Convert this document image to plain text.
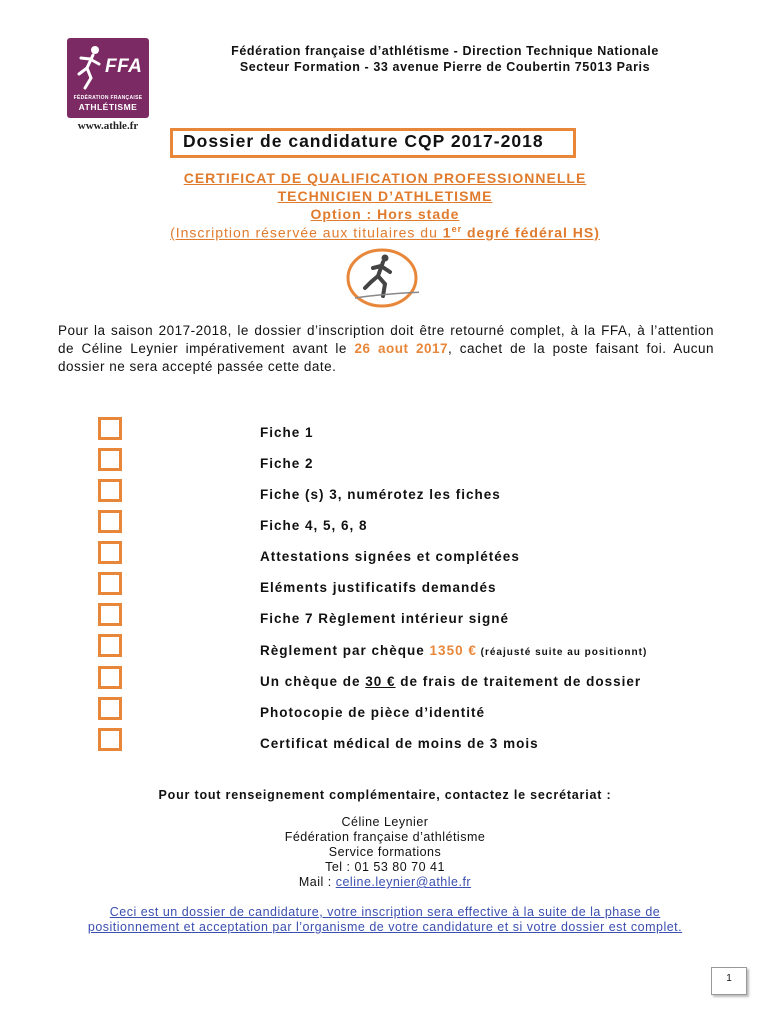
FFA
FÉDÉRATION FRANÇAISE
ATHLÉTISME
www.athle.fr
Fédération française d’athlétisme - Direction Technique Nationale
Secteur Formation - 33 avenue Pierre de Coubertin 75013 Paris
Dossier de candidature CQP 2017-2018
CERTIFICAT DE QUALIFICATION PROFESSIONNELLE
TECHNICIEN D’ATHLETISME
Option : Hors stade
(Inscription réservée aux titulaires du 1er degré fédéral HS)
Pour la saison 2017-2018, le dossier d’inscription doit être retourné complet, à la FFA, à l’attention de Céline Leynier impérativement avant le 26 aout 2017, cachet de la poste faisant foi. Aucun dossier ne sera accepté passée cette date.
Fiche 1
Fiche 2
Fiche (s) 3, numérotez les fiches
Fiche 4, 5, 6, 8
Attestations signées et complétées
Eléments justificatifs demandés
Fiche 7 Règlement intérieur signé
Règlement par chèque 1350 € (réajusté suite au positionnt)
Un chèque de 30 € de frais de traitement de dossier
Photocopie de pièce d’identité
Certificat médical de moins de 3 mois
Pour tout renseignement complémentaire, contactez le secrétariat :
Céline Leynier
Fédération française d’athlétisme
Service formations
Tel : 01 53 80 70 41
Mail : celine.leynier@athle.fr
Ceci est un dossier de candidature, votre inscription sera effective à la suite de la phase de
positionnement et acceptation par l’organisme de votre candidature et si votre dossier est complet.
1
